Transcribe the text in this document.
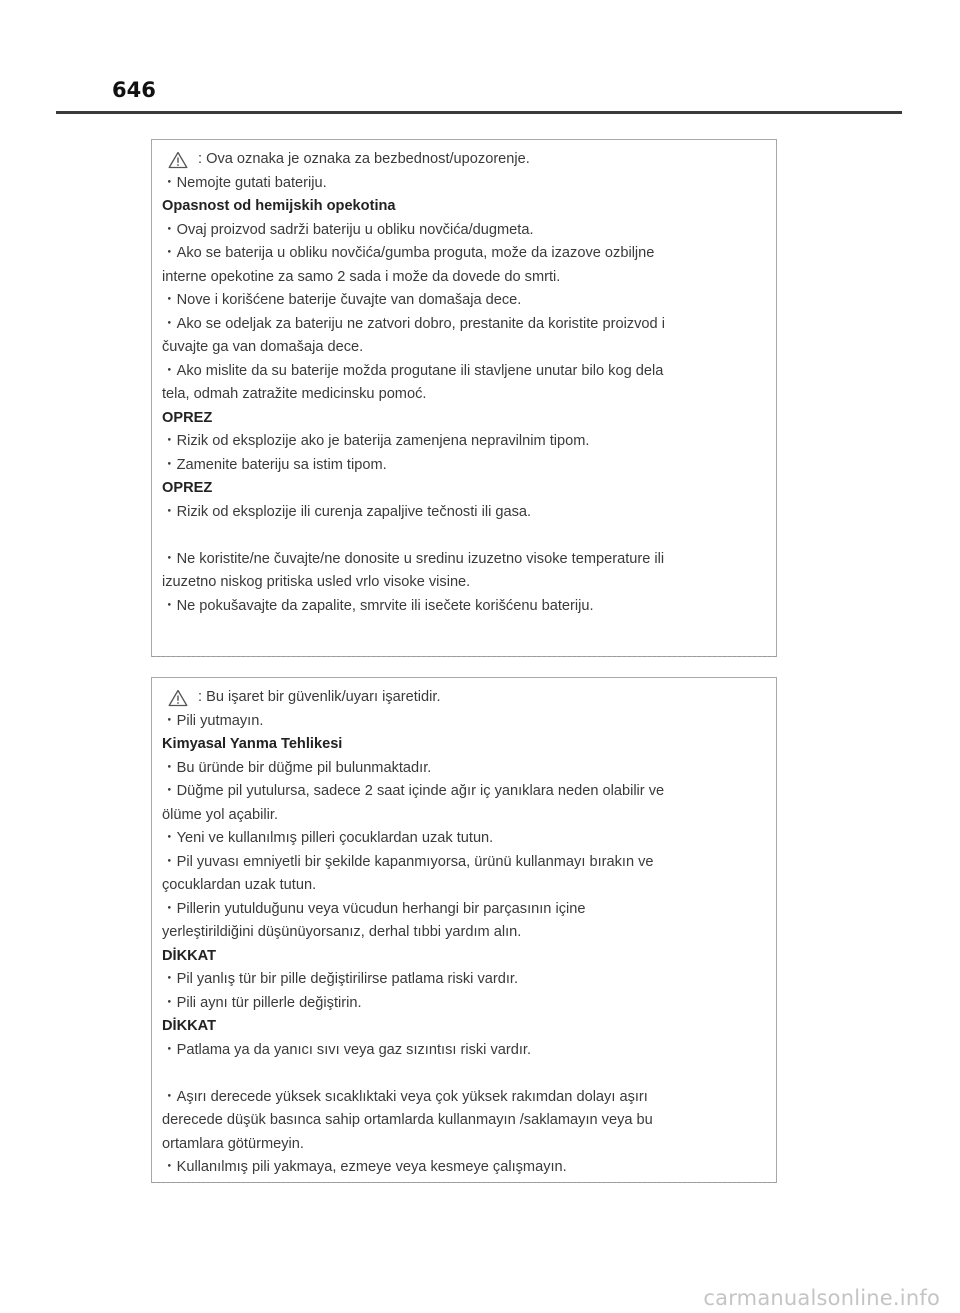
646
: Ova oznaka je oznaka za bezbednost/upozorenje.
・Nemojte gutati bateriju.
Opasnost od hemijskih opekotina
・Ovaj proizvod sadrži bateriju u obliku novčića/dugmeta.
・Ako se baterija u obliku novčića/gumba proguta, može da izazove ozbiljne
interne opekotine za samo 2 sada i može da dovede do smrti.
・Nove i korišćene baterije čuvajte van domašaja dece.
・Ako se odeljak za bateriju ne zatvori dobro, prestanite da koristite proizvod i
čuvajte ga van domašaja dece.
・Ako mislite da su baterije možda progutane ili stavljene unutar bilo kog dela
tela, odmah zatražite medicinsku pomoć.
OPREZ
・Rizik od eksplozije ako je baterija zamenjena nepravilnim tipom.
・Zamenite bateriju sa istim tipom.
OPREZ
・Rizik od eksplozije ili curenja zapaljive tečnosti ili gasa.
・Ne koristite/ne čuvajte/ne donosite u sredinu izuzetno visoke temperature ili
izuzetno niskog pritiska usled vrlo visoke visine.
・Ne pokušavajte da zapalite, smrvite ili isečete korišćenu bateriju.
: Bu işaret bir güvenlik/uyarı işaretidir.
・Pili yutmayın.
Kimyasal Yanma Tehlikesi
・Bu üründe bir düğme pil bulunmaktadır.
・Düğme pil yutulursa, sadece 2 saat içinde ağır iç yanıklara neden olabilir ve
ölüme yol açabilir.
・Yeni ve kullanılmış pilleri çocuklardan uzak tutun.
・Pil yuvası emniyetli bir şekilde kapanmıyorsa, ürünü kullanmayı bırakın ve
çocuklardan uzak tutun.
・Pillerin yutulduğunu veya vücudun herhangi bir parçasının içine
yerleştirildiğini düşünüyorsanız, derhal tıbbi yardım alın.
DİKKAT
・Pil yanlış tür bir pille değiştirilirse patlama riski vardır.
・Pili aynı tür pillerle değiştirin.
DİKKAT
・Patlama ya da yanıcı sıvı veya gaz sızıntısı riski vardır.
・Aşırı derecede yüksek sıcaklıktaki veya çok yüksek rakımdan dolayı aşırı
derecede düşük basınca sahip ortamlarda kullanmayın /saklamayın veya bu
ortamlara götürmeyin.
・Kullanılmış pili yakmaya, ezmeye veya kesmeye çalışmayın.
carmanualsonline.info
